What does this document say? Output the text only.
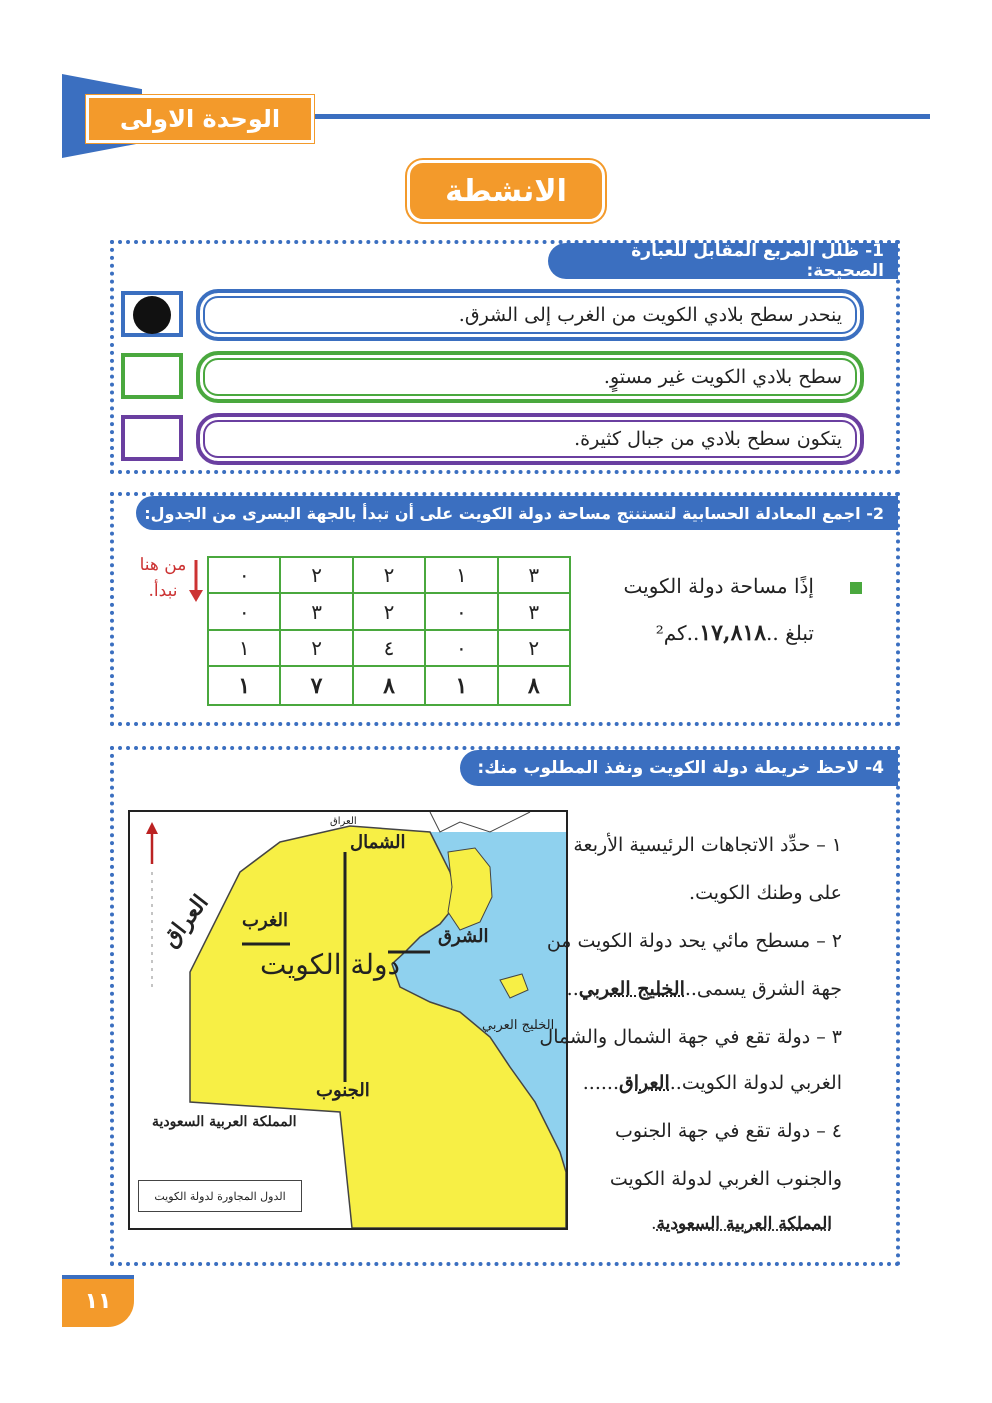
الوحدة الاولى
الانشطة
1- ظلل المربع المقابل للعبارة الصحيحة:
ينحدر سطح بلادي الكويت من الغرب إلى الشرق.
سطح بلادي الكويت غير مستوٍ.
يتكون سطح بلادي من جبال كثيرة.
2- اجمع المعادلة الحسابية لتستنتج مساحة دولة الكويت على أن تبدأ بالجهة اليسرى من الجدول:
من هنا
نبدأ.
٠	٢	٢	١	٣
٠	٣	٢	٠	٣
١	٢	٤	٠	٢
١	٧	٨	١	٨
إذًا مساحة دولة الكويت
تبلغ ..١٧,٨١٨..كم²
4- لاحظ خريطة دولة الكويت ونفذ المطلوب منك:
العراق
الشمال
الغرب
الشرق
دولة الكويت
الخليج العربي
الجنوب
العراق
المملكة العربية السعودية
الدول المجاورة لدولة الكويت
١ – حدِّد الاتجاهات الرئيسية الأربعة
على وطنك الكويت.
٢ – مسطح مائي يحد دولة الكويت من
جهة الشرق يسمى..الخليج العربي..
٣ – دولة تقع في جهة الشمال والشمال
الغربي لدولة الكويت..العراق......
٤ – دولة تقع في جهة الجنوب
والجنوب الغربي لدولة الكويت
المملكة العربية السعودية.
١١
